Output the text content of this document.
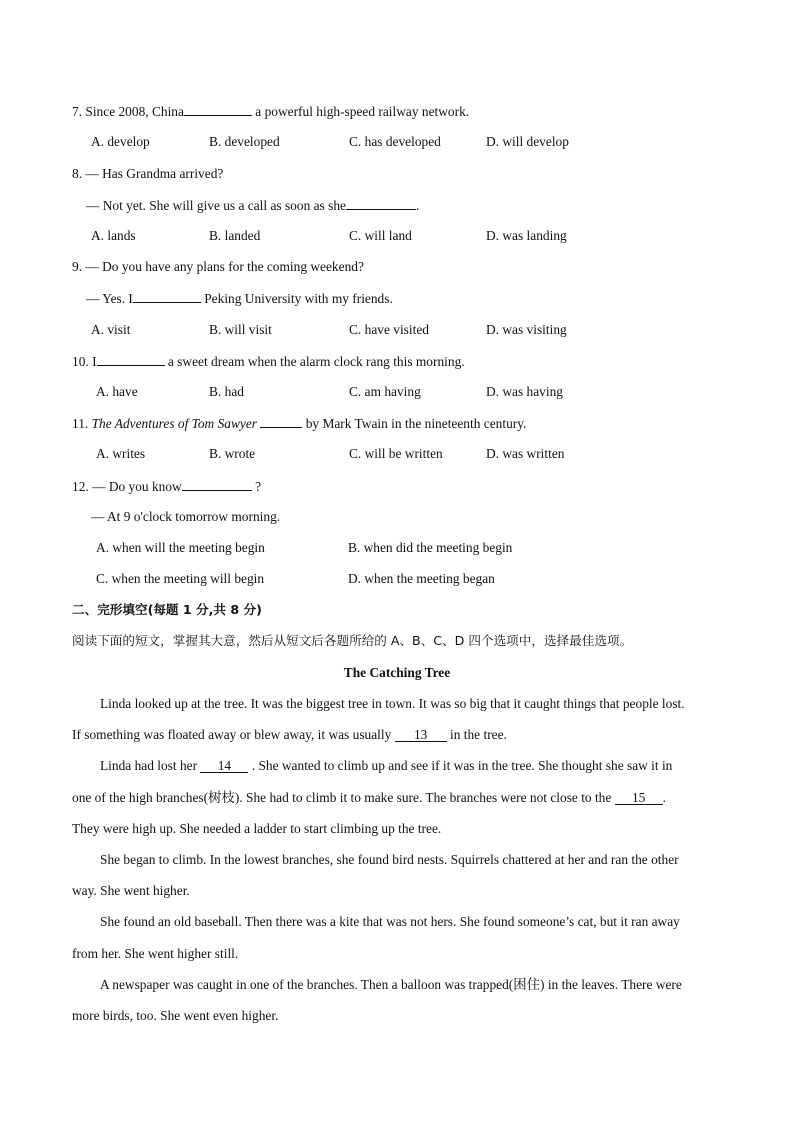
7. Since 2008, China	a powerful high-speed railway network.
A. develop	B. developed	C. has developed	D. will develop
8. — Has Grandma arrived?
— Not yet. She will give us a call as soon as she	.
A. lands	B. landed	C. will land	D. was landing
9. — Do you have any plans for the coming weekend?
— Yes. I	Peking University with my friends.
A. visit	B. will visit	C. have visited	D. was visiting
10. I	a sweet dream when the alarm clock rang this morning.
A. have	B. had	C. am having	D. was having
11. The Adventures of Tom Sawyer	by Mark Twain in the nineteenth century.
A. writes	B. wrote	C. will be written	D. was written
12. — Do you know	?
— At 9 o'clock tomorrow morning.
A. when will the meeting begin	B. when did the meeting begin
C. when the meeting will begin	D. when the meeting began
二、完形填空(每题 1 分,共 8 分)
阅读下面的短文，掌握其大意，然后从短文后各题所给的 A、B、C、D 四个选项中，选择最佳选项。
The Catching Tree
Linda looked up at the tree. It was the biggest tree in town. It was so big that it caught things that people lost.
If something was floated away or blew away, it was usually 13 in the tree.
Linda had lost her 14 . She wanted to climb up and see if it was in the tree. She thought she saw it in
one of the high branches(树枝). She had to climb it to make sure. The branches were not close to the 15 .
They were high up. She needed a ladder to start climbing up the tree.
She began to climb. In the lowest branches, she found bird nests. Squirrels chattered at her and ran the other
way. She went higher.
She found an old baseball. Then there was a kite that was not hers. She found someone’s cat, but it ran away
from her. She went higher still.
A newspaper was caught in one of the branches. Then a balloon was trapped(困住) in the leaves. There were
more birds, too. She went even higher.
